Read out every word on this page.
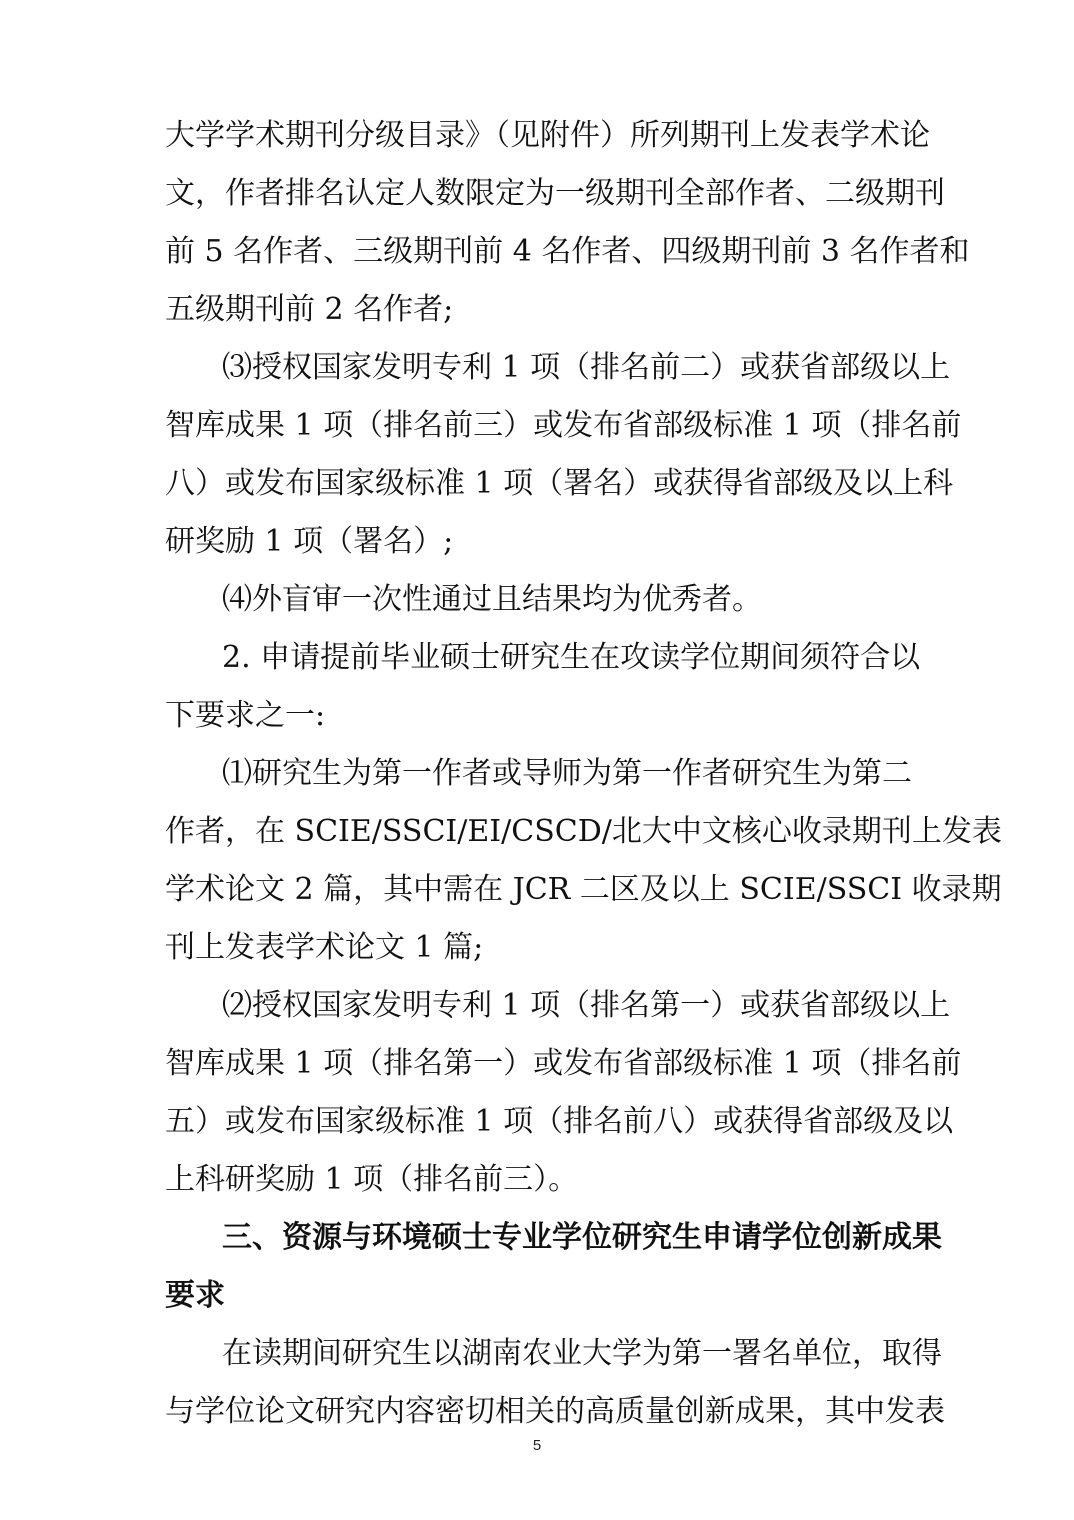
大学学术期刊分级目录》（见附件）所列期刊上发表学术论
文，作者排名认定人数限定为一级期刊全部作者、二级期刊
前 5 名作者、三级期刊前 4 名作者、四级期刊前 3 名作者和
五级期刊前 2 名作者;
⑶授权国家发明专利 1 项（排名前二）或获省部级以上
智库成果 1 项（排名前三）或发布省部级标准 1 项（排名前
八）或发布国家级标准 1 项（署名）或获得省部级及以上科
研奖励 1 项（署名）;
⑷外盲审一次性通过且结果均为优秀者。
2. 申请提前毕业硕士研究生在攻读学位期间须符合以
下要求之一:
⑴研究生为第一作者或导师为第一作者研究生为第二
作者，在 SCIE/SSCI/EI/CSCD/北大中文核心收录期刊上发表
学术论文 2 篇，其中需在 JCR 二区及以上 SCIE/SSCI 收录期
刊上发表学术论文 1 篇;
⑵授权国家发明专利 1 项（排名第一）或获省部级以上
智库成果 1 项（排名第一）或发布省部级标准 1 项（排名前
五）或发布国家级标准 1 项（排名前八）或获得省部级及以
上科研奖励 1 项（排名前三）。
三、资源与环境硕士专业学位研究生申请学位创新成果
要求
在读期间研究生以湖南农业大学为第一署名单位，取得
与学位论文研究内容密切相关的高质量创新成果，其中发表
5
